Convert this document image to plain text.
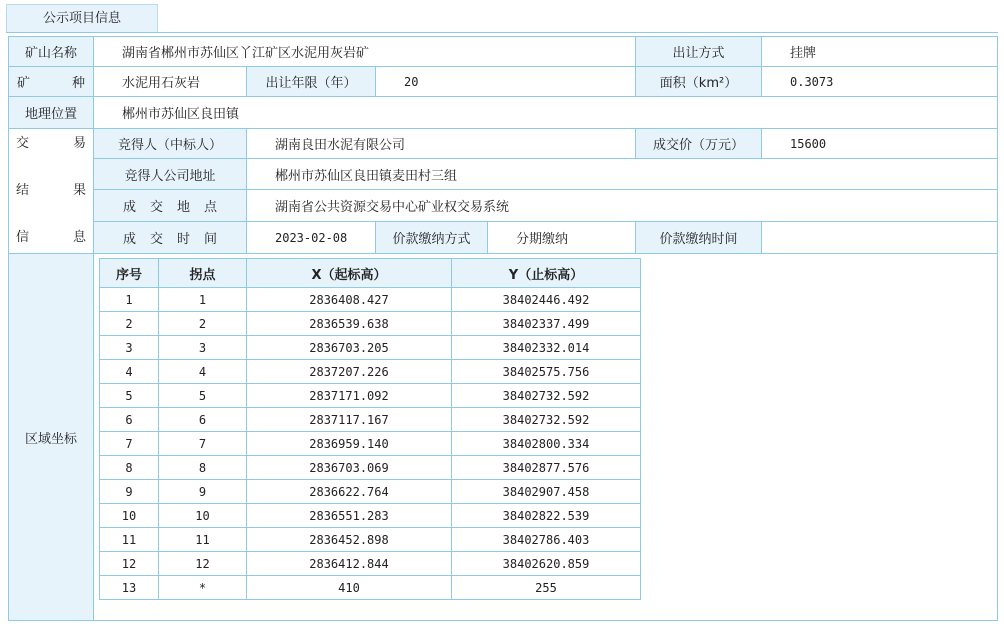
公示项目信息
矿山名称	湖南省郴州市苏仙区丫江矿区水泥用灰岩矿	出让方式	挂牌
矿	种	水泥用石灰岩	出让年限（年）	20	面积（km²）	0.3073
地理位置	郴州市苏仙区良田镇
交	易
结	果
信	息
竞得人（中标人）	湖南良田水泥有限公司	成交价（万元）	15600
竞得人公司地址	郴州市苏仙区良田镇麦田村三组
成交地点	湖南省公共资源交易中心矿业权交易系统
成交时间	2023-02-08	价款缴纳方式	分期缴纳	价款缴纳时间
区域坐标
序号	拐点	X（起标高）	Y（止标高）
1	1	2836408.427	38402446.492
2	2	2836539.638	38402337.499
3	3	2836703.205	38402332.014
4	4	2837207.226	38402575.756
5	5	2837171.092	38402732.592
6	6	2837117.167	38402732.592
7	7	2836959.140	38402800.334
8	8	2836703.069	38402877.576
9	9	2836622.764	38402907.458
10	10	2836551.283	38402822.539
11	11	2836452.898	38402786.403
12	12	2836412.844	38402620.859
13	*	410	255
